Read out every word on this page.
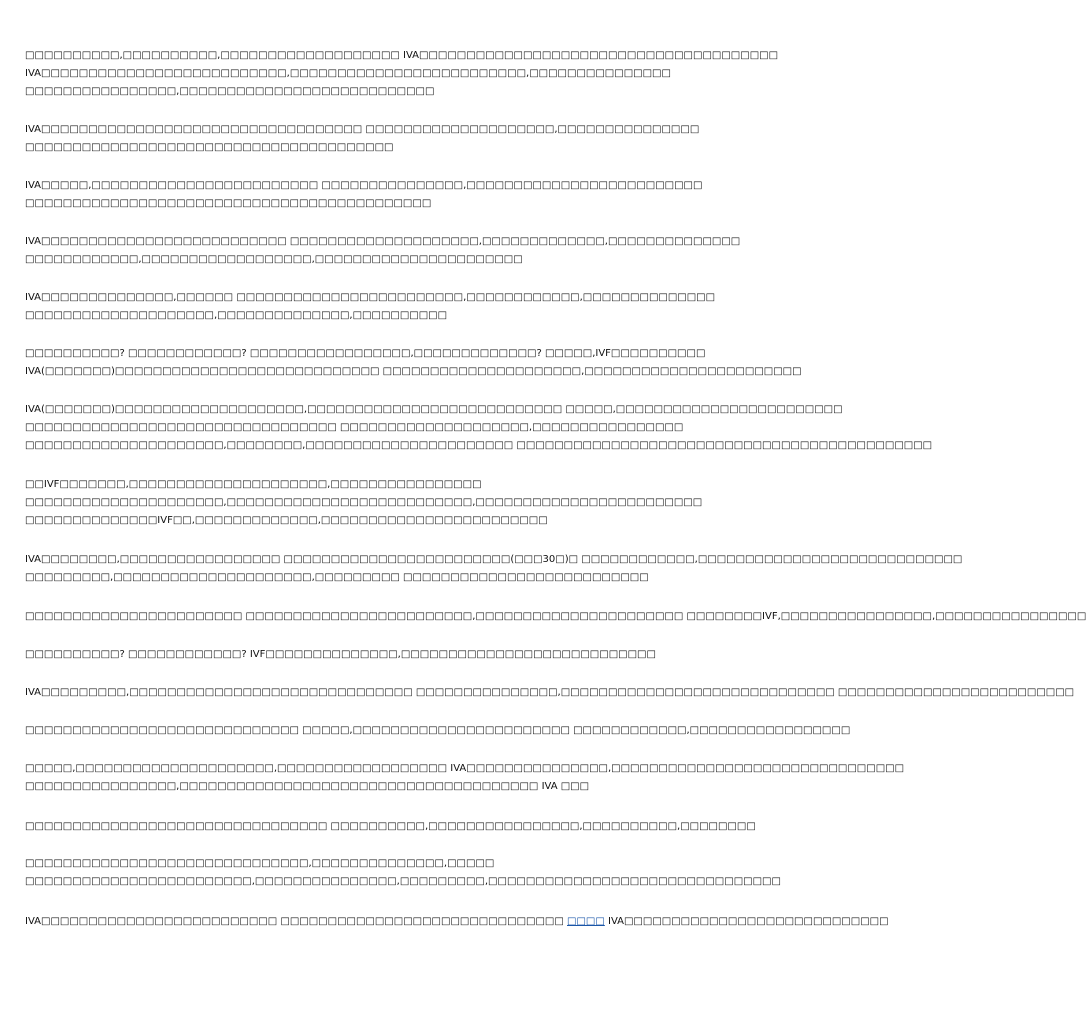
□□□□□□□□□□,□□□□□□□□□□,□□□□□□□□□□□□□□□□□□□ IVA□□□□□□□□□□□□□□□□□□□□□□□□□□□□□□□□□□□□□□
IVA□□□□□□□□□□□□□□□□□□□□□□□□□□,□□□□□□□□□□□□□□□□□□□□□□□□□,□□□□□□□□□□□□□□□
□□□□□□□□□□□□□□□□,□□□□□□□□□□□□□□□□□□□□□□□□□□□
IVA□□□□□□□□□□□□□□□□□□□□□□□□□□□□□□□□□□ □□□□□□□□□□□□□□□□□□□□,□□□□□□□□□□□□□□□
□□□□□□□□□□□□□□□□□□□□□□□□□□□□□□□□□□□□□□□
IVA□□□□□,□□□□□□□□□□□□□□□□□□□□□□□□ □□□□□□□□□□□□□□□,□□□□□□□□□□□□□□□□□□□□□□□□□
□□□□□□□□□□□□□□□□□□□□□□□□□□□□□□□□□□□□□□□□□□□
IVA□□□□□□□□□□□□□□□□□□□□□□□□□□ □□□□□□□□□□□□□□□□□□□□,□□□□□□□□□□□□□,□□□□□□□□□□□□□□
□□□□□□□□□□□□,□□□□□□□□□□□□□□□□□□,□□□□□□□□□□□□□□□□□□□□□□
IVA□□□□□□□□□□□□□□,□□□□□□ □□□□□□□□□□□□□□□□□□□□□□□□,□□□□□□□□□□□□,□□□□□□□□□□□□□□
□□□□□□□□□□□□□□□□□□□□,□□□□□□□□□□□□□□,□□□□□□□□□□
□□□□□□□□□□? □□□□□□□□□□□□? □□□□□□□□□□□□□□□□□,□□□□□□□□□□□□□? □□□□□,IVF□□□□□□□□□□
IVA(□□□□□□□)□□□□□□□□□□□□□□□□□□□□□□□□□□□□ □□□□□□□□□□□□□□□□□□□□□,□□□□□□□□□□□□□□□□□□□□□□□
IVA(□□□□□□□)□□□□□□□□□□□□□□□□□□□□,□□□□□□□□□□□□□□□□□□□□□□□□□□□ □□□□□,□□□□□□□□□□□□□□□□□□□□□□□□
□□□□□□□□□□□□□□□□□□□□□□□□□□□□□□□□□ □□□□□□□□□□□□□□□□□□□□,□□□□□□□□□□□□□□□□
□□□□□□□□□□□□□□□□□□□□□,□□□□□□□□,□□□□□□□□□□□□□□□□□□□□□□ □□□□□□□□□□□□□□□□□□□□□□□□□□□□□□□□□□□□□□□□□□□□
□□IVF□□□□□□□,□□□□□□□□□□□□□□□□□□□□□,□□□□□□□□□□□□□□□□
□□□□□□□□□□□□□□□□□□□□□,□□□□□□□□□□□□□□□□□□□□□□□□□□,□□□□□□□□□□□□□□□□□□□□□□□□
□□□□□□□□□□□□□□IVF□□,□□□□□□□□□□□□□,□□□□□□□□□□□□□□□□□□□□□□□□
IVA□□□□□□□□,□□□□□□□□□□□□□□□□□ □□□□□□□□□□□□□□□□□□□□□□□□(□□□30□)□ □□□□□□□□□□□□,□□□□□□□□□□□□□□□□□□□□□□□□□□□□
□□□□□□□□□,□□□□□□□□□□□□□□□□□□□□□,□□□□□□□□□ □□□□□□□□□□□□□□□□□□□□□□□□□□
□□□□□□□□□□□□□□□□□□□□□□□ □□□□□□□□□□□□□□□□□□□□□□□□,□□□□□□□□□□□□□□□□□□□□□□ □□□□□□□□IVF,□□□□□□□□□□□□□□□□,□□□□□□□□□□□□□□□□
□□□□□□□□□□? □□□□□□□□□□□□? IVF□□□□□□□□□□□□□□,□□□□□□□□□□□□□□□□□□□□□□□□□□□
IVA□□□□□□□□□,□□□□□□□□□□□□□□□□□□□□□□□□□□□□□□ □□□□□□□□□□□□□□□,□□□□□□□□□□□□□□□□□□□□□□□□□□□□□ □□□□□□□□□□□□□□□□□□□□□□□□□
□□□□□□□□□□□□□□□□□□□□□□□□□□□□□ □□□□□,□□□□□□□□□□□□□□□□□□□□□□□ □□□□□□□□□□□□,□□□□□□□□□□□□□□□□□
□□□□□,□□□□□□□□□□□□□□□□□□□□□,□□□□□□□□□□□□□□□□□□ IVA□□□□□□□□□□□□□□□,□□□□□□□□□□□□□□□□□□□□□□□□□□□□□□□
□□□□□□□□□□□□□□□□,□□□□□□□□□□□□□□□□□□□□□□□□□□□□□□□□□□□□□□ IVA □□□
□□□□□□□□□□□□□□□□□□□□□□□□□□□□□□□□ □□□□□□□□□□,□□□□□□□□□□□□□□□□,□□□□□□□□□□,□□□□□□□□
□□□□□□□□□□□□□□□□□□□□□□□□□□□□□□,□□□□□□□□□□□□□□,□□□□□
□□□□□□□□□□□□□□□□□□□□□□□□,□□□□□□□□□□□□□□□,□□□□□□□□□,□□□□□□□□□□□□□□□□□□□□□□□□□□□□□□□
IVA□□□□□□□□□□□□□□□□□□□□□□□□□ □□□□□□□□□□□□□□□□□□□□□□□□□□□□□□ □□□□ IVA□□□□□□□□□□□□□□□□□□□□□□□□□□□□
